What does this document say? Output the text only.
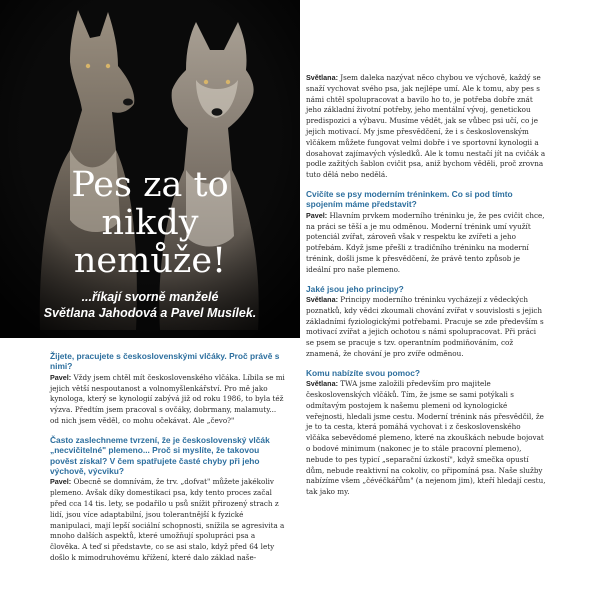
Pes za to
nikdy
nemůže!
...říkají svorně manželé
Světlana Jahodová a Pavel Musílek.
Žijete, pracujete s československými vlčáky. Proč právě s nimi?
Pavel: Vždy jsem chtěl mít československého vlčáka. Líbila se mi jejich větší nespoutanost a volnomyšlenkářství. Pro mě jako kynologa, který se kynologií zabývá již od roku 1986, to byla též výzva. Předtím jsem pracoval s ovčáky, dobrmany, malamuty... od nich jsem věděl, co mohu očekávat. Ale „čevo?"
Často zaslechneme tvrzení, že je československý vlčák „necvičitelné" plemeno... Proč si myslíte, že takovou pověst získal? V čem spatřujete časté chyby při jeho výchově, výcviku?
Pavel: Obecně se domnívám, že trv. „dofvat" můžete jakékoliv plemeno. Avšak díky domestikaci psa, kdy tento proces začal před cca 14 tis. lety, se podařilo u psů snížit přirozený strach z lidí, jsou více adaptabilní, jsou tolerantnější k fyzické manipulaci, mají lepší sociální schopnosti, snížila se agresivita a mnoho dalších aspektů, které umožňují spolupráci psa a člověka. A teď si představte, co se asi stalo, když před 64 lety došlo k mimodruhovému křížení, které dalo základ naše-
Světlana: Jsem daleka nazývat něco chybou ve výchově, každý se snaží vychovat svého psa, jak nejlépe umí. Ale k tomu, aby pes s námi chtěl spolupracovat a bavilo ho to, je potřeba dobře znát jeho základní životní potřeby, jeho mentální vývoj, genetickou predispozici a výbavu. Musíme vědět, jak se vůbec psi učí, co je jejich motivací. My jsme přesvědčení, že i s československým vlčákem můžete fungovat velmi dobře i ve sportovní kynologii a dosahovat zajímavých výsledků. Ale k tomu nestačí jít na cvičák a podle zažitých šablon cvičit psa, aniž bychom věděli, proč zrovna tuto dělá nebo nedělá.
Cvičíte se psy moderním tréninkem. Co si pod tímto spojením máme představit?
Pavel: Hlavním prvkem moderního tréninku je, že pes cvičit chce, na práci se těší a je mu odměnou. Moderní trénink umí využít potenciál zvířat, zároveň však v respektu ke zvířeti a jeho potřebám. Když jsme přešli z tradičního tréninku na moderní trénink, došli jsme k přesvědčení, že právě tento způsob je ideální pro naše plemeno.
Jaké jsou jeho principy?
Světlana: Principy moderního tréninku vycházejí z vědeckých poznatků, kdy vědci zkoumali chování zvířat v souvislosti s jejich základními fyziologickými potřebami. Pracuje se zde především s motivací zvířat a jejich ochotou s námi spolupracovat. Při práci se psem se pracuje s tzv. operantním podmiňováním, což znamená, že chování je pro zvíře odměnou.
Komu nabízíte svou pomoc?
Světlana: TWA jsme založili především pro majitele československých vlčáků. Tím, že jsme se sami potýkali s odmítavým postojem k našemu plemeni od kynologické veřejnosti, hledali jsme cestu. Moderní trénink nás přesvědčil, že je to ta cesta, která pomáhá vychovat i z československého vlčáka sebevědomé plemeno, které na zkouškách nebude bojovat o bodové minimum (nakonec je to stále pracovní plemeno), nebude to pes typicí „separační úzkostí", když smečka opustí dům, nebude reaktivní na cokoliv, co připomíná psa. Naše služby nabízíme všem „čévéčkářům" (a nejenom jim), kteří hledají cestu, tak jako my.
